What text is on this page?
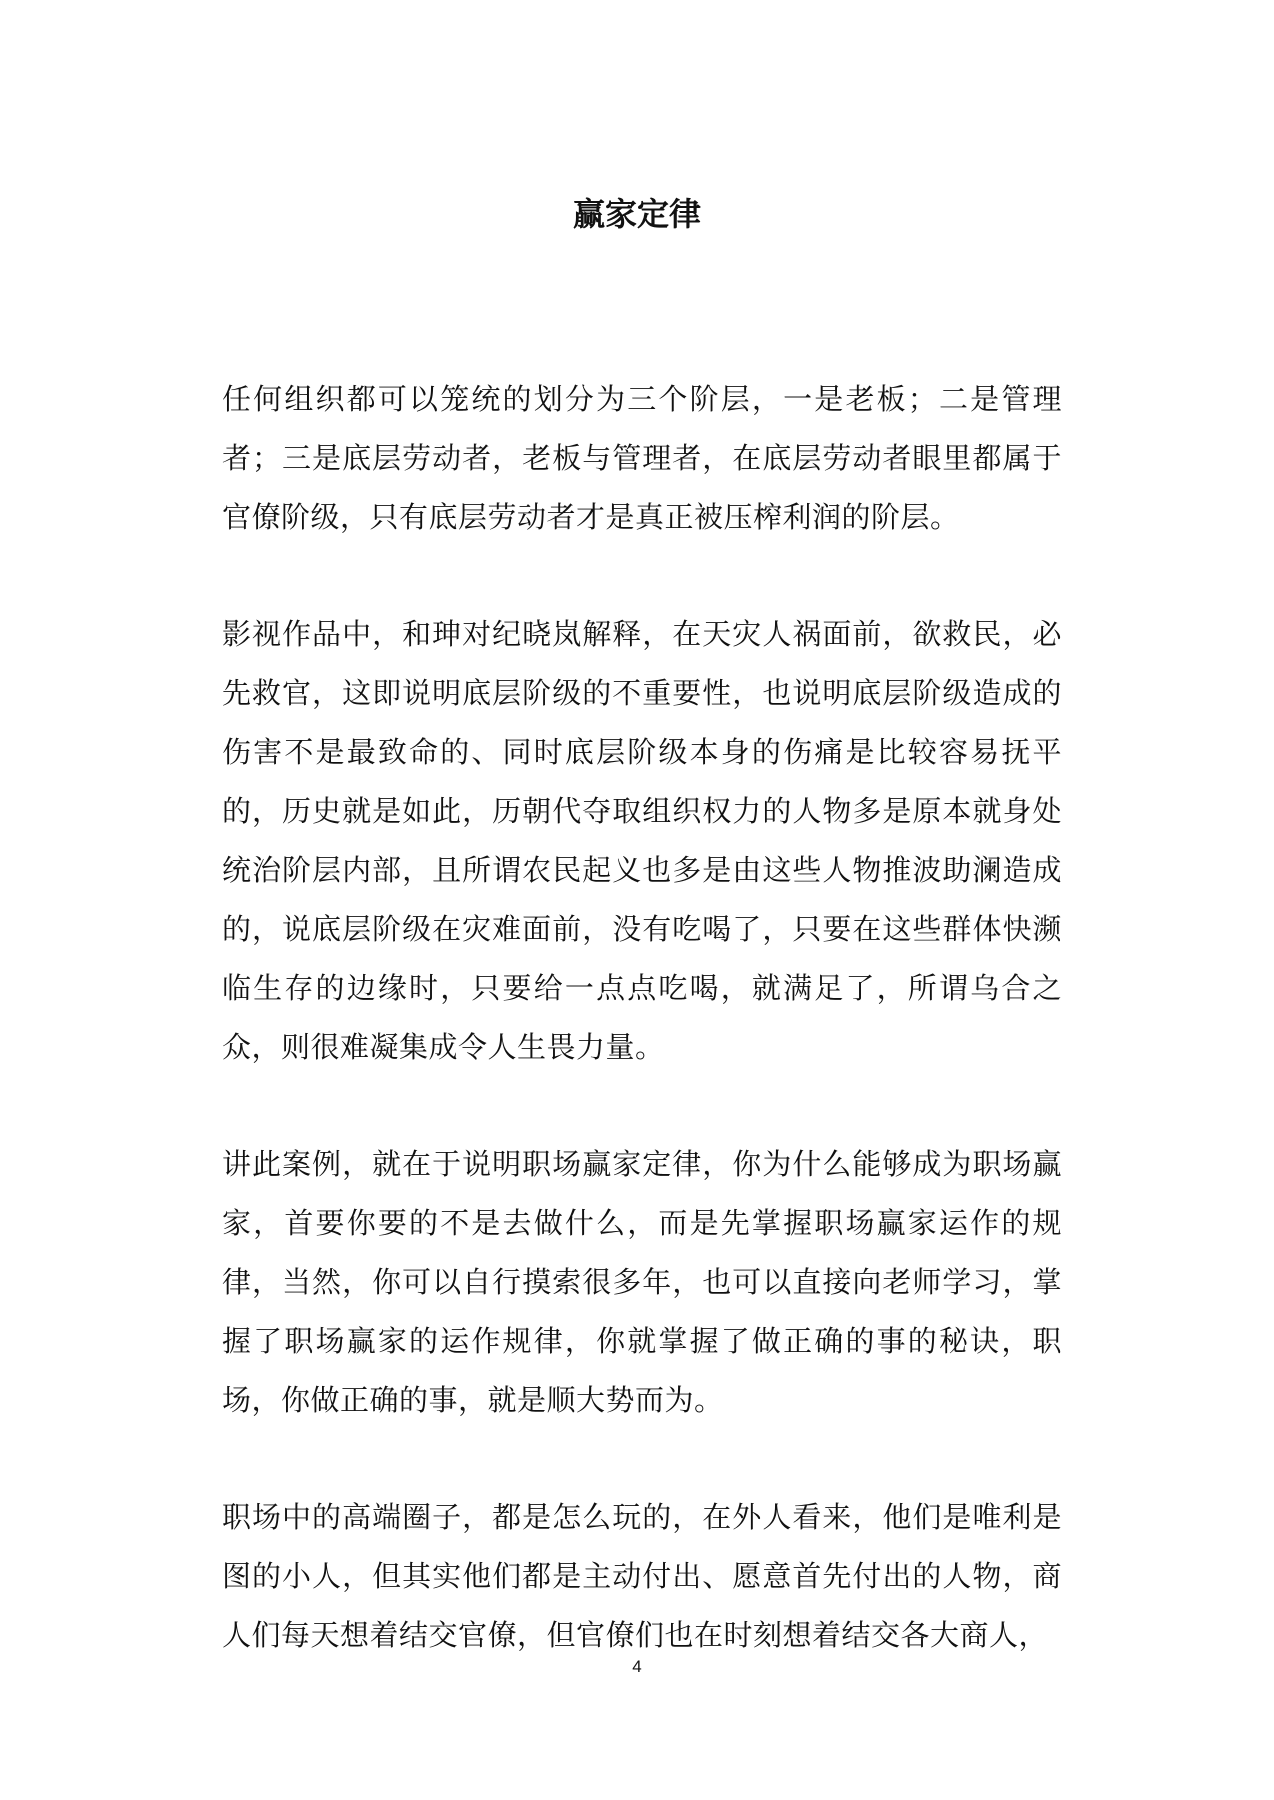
赢家定律

任何组织都可以笼统的划分为三个阶层，一是老板；二是管理者；三是底层劳动者，老板与管理者，在底层劳动者眼里都属于官僚阶级，只有底层劳动者才是真正被压榨利润的阶层。

影视作品中，和珅对纪晓岚解释，在天灾人祸面前，欲救民，必先救官，这即说明底层阶级的不重要性，也说明底层阶级造成的伤害不是最致命的、同时底层阶级本身的伤痛是比较容易抚平的，历史就是如此，历朝代夺取组织权力的人物多是原本就身处统治阶层内部，且所谓农民起义也多是由这些人物推波助澜造成的，说底层阶级在灾难面前，没有吃喝了，只要在这些群体快濒临生存的边缘时，只要给一点点吃喝，就满足了，所谓乌合之众，则很难凝集成令人生畏力量。

讲此案例，就在于说明职场赢家定律，你为什么能够成为职场赢家，首要你要的不是去做什么，而是先掌握职场赢家运作的规律，当然，你可以自行摸索很多年，也可以直接向老师学习，掌握了职场赢家的运作规律，你就掌握了做正确的事的秘诀，职场，你做正确的事，就是顺大势而为。

职场中的高端圈子，都是怎么玩的，在外人看来，他们是唯利是图的小人，但其实他们都是主动付出、愿意首先付出的人物，商人们每天想着结交官僚，但官僚们也在时刻想着结交各大商人，

4
